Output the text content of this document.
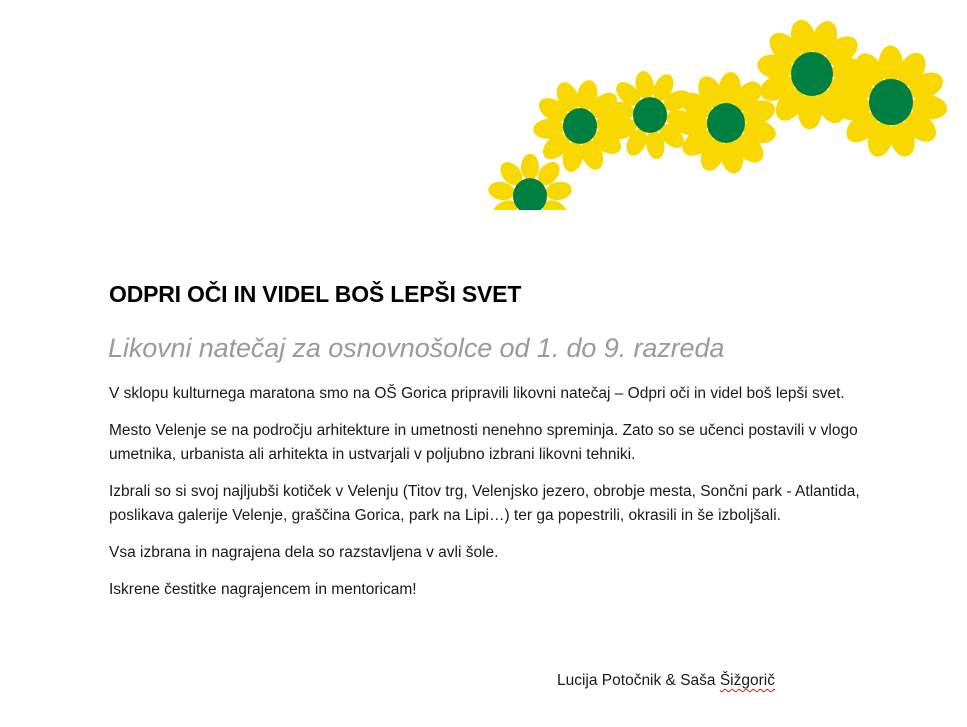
ODPRI OČI IN VIDEL BOŠ LEPŠI SVET
Likovni natečaj za osnovnošolce od 1. do 9. razreda

V sklopu kulturnega maratona smo na OŠ Gorica pripravili likovni natečaj – Odpri oči in videl boš lepši svet.

Mesto Velenje se na področju arhitekture in umetnosti nenehno spreminja. Zato so se učenci postavili v vlogo umetnika, urbanista ali arhitekta in ustvarjali v poljubno izbrani likovni tehniki.

Izbrali so si svoj najljubši kotiček v Velenju (Titov trg, Velenjsko jezero, obrobje mesta, Sončni park - Atlantida, poslikava galerije Velenje, graščina Gorica, park na Lipi…) ter ga popestrili, okrasili in še izboljšali.

Vsa izbrana in nagrajena dela so razstavljena v avli šole.

Iskrene čestitke nagrajencem in mentoricam!

Lucija Potočnik & Saša Šižgorič
